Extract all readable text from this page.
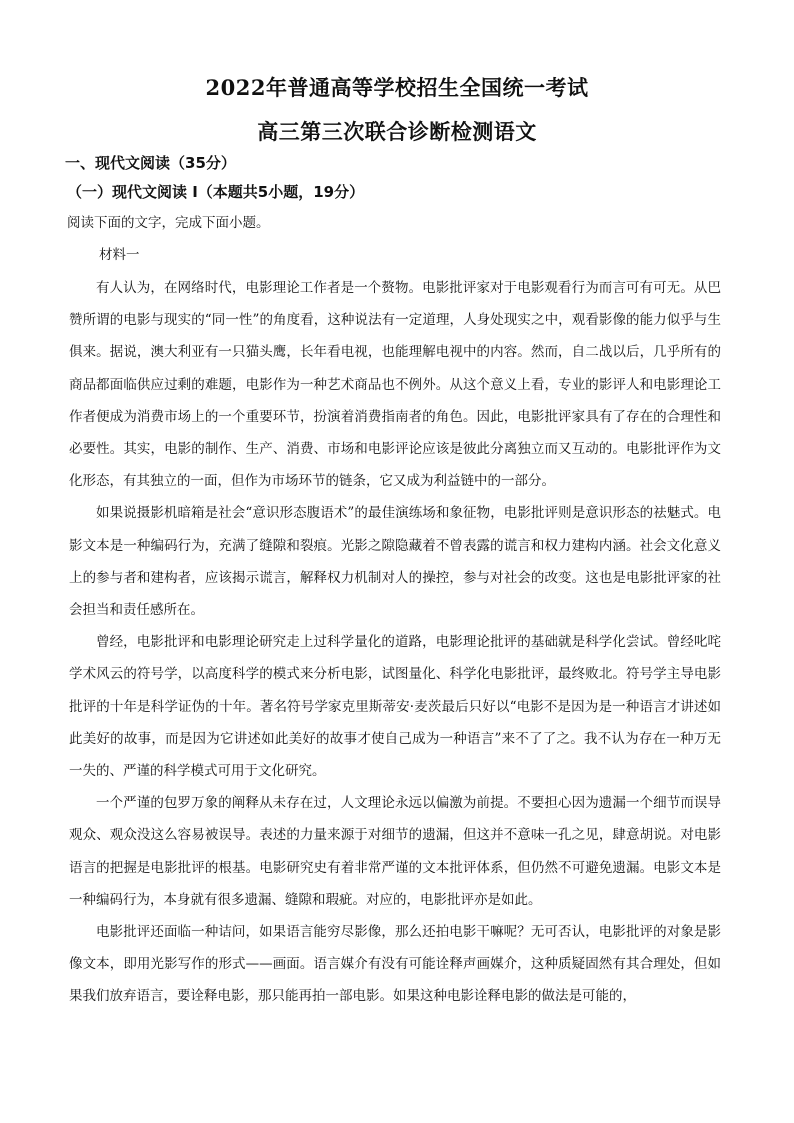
2022年普通高等学校招生全国统一考试
高三第三次联合诊断检测语文
一、现代文阅读（35分）
（一）现代文阅读 I（本题共5小题，19分）
阅读下面的文字，完成下面小题。
材料一

有人认为，在网络时代，电影理论工作者是一个赘物。电影批评家对于电影观看行为而言可有可无。从巴赞所谓的电影与现实的“同一性”的角度看，这种说法有一定道理，人身处现实之中，观看影像的能力似乎与生俱来。据说，澳大利亚有一只猫头鹰，长年看电视，也能理解电视中的内容。然而，自二战以后，几乎所有的商品都面临供应过剩的难题，电影作为一种艺术商品也不例外。从这个意义上看，专业的影评人和电影理论工作者便成为消费市场上的一个重要环节，扮演着消费指南者的角色。因此，电影批评家具有了存在的合理性和必要性。其实，电影的制作、生产、消费、市场和电影评论应该是彼此分离独立而又互动的。电影批评作为文化形态，有其独立的一面，但作为市场环节的链条，它又成为利益链中的一部分。

如果说摄影机暗箱是社会“意识形态腹语术”的最佳演练场和象征物，电影批评则是意识形态的祛魅式。电影文本是一种编码行为，充满了缝隙和裂痕。光影之隙隐藏着不曾表露的谎言和权力建构内涵。社会文化意义上的参与者和建构者，应该揭示谎言，解释权力机制对人的操控，参与对社会的改变。这也是电影批评家的社会担当和责任感所在。

曾经，电影批评和电影理论研究走上过科学量化的道路，电影理论批评的基础就是科学化尝试。曾经叱咤学术风云的符号学，以高度科学的模式来分析电影，试图量化、科学化电影批评，最终败北。符号学主导电影批评的十年是科学证伪的十年。著名符号学家克里斯蒂安·麦茨最后只好以“电影不是因为是一种语言才讲述如此美好的故事，而是因为它讲述如此美好的故事才使自己成为一种语言”来不了了之。我不认为存在一种万无一失的、严谨的科学模式可用于文化研究。

一个严谨的包罗万象的阐释从未存在过，人文理论永远以偏激为前提。不要担心因为遗漏一个细节而误导观众、观众没这么容易被误导。表述的力量来源于对细节的遗漏，但这并不意味一孔之见，肆意胡说。对电影语言的把握是电影批评的根基。电影研究史有着非常严谨的文本批评体系，但仍然不可避免遗漏。电影文本是一种编码行为，本身就有很多遗漏、缝隙和瑕疵。对应的，电影批评亦是如此。

电影批评还面临一种诘问，如果语言能穷尽影像，那么还拍电影干嘛呢？无可否认，电影批评的对象是影像文本，即用光影写作的形式——画面。语言媒介有没有可能诠释声画媒介，这种质疑固然有其合理处，但如果我们放弃语言，要诠释电影，那只能再拍一部电影。如果这种电影诠释电影的做法是可能的，
